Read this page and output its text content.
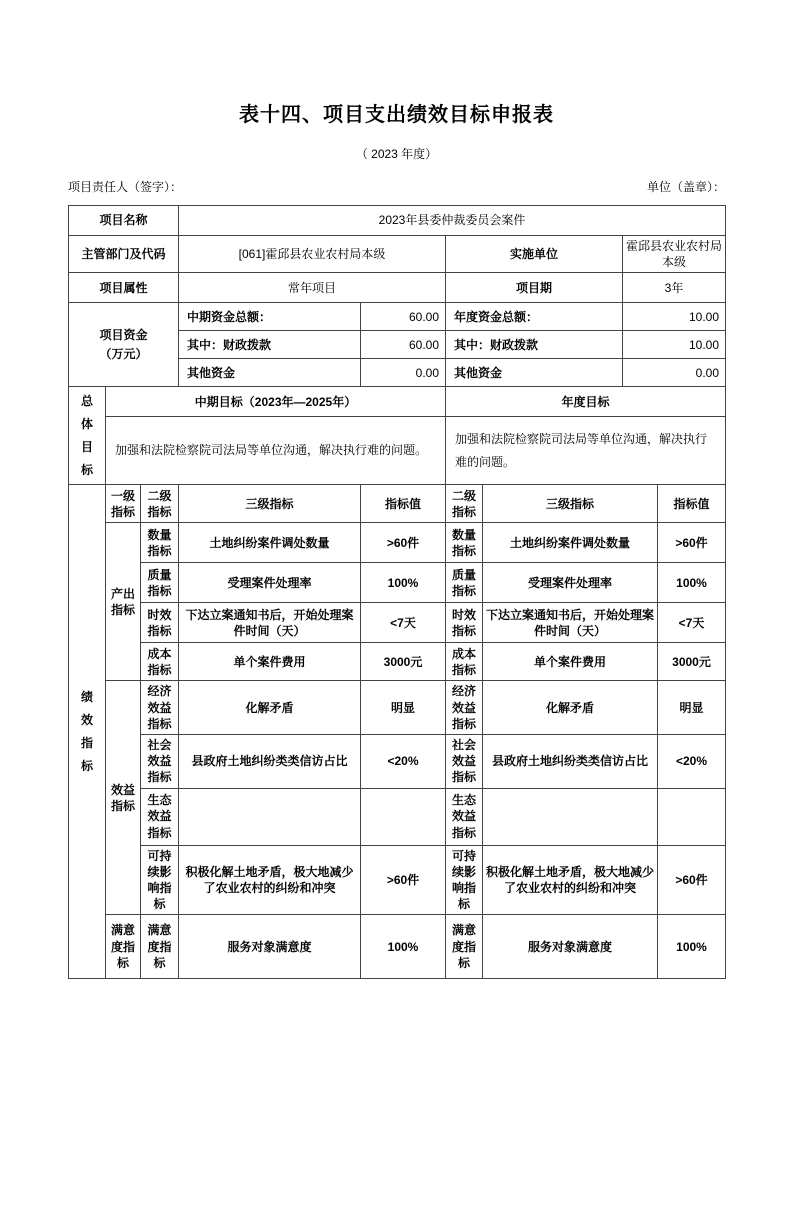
表十四、项目支出绩效目标申报表
（ 2023 年度）
项目责任人（签字）：	单位（盖章）：
项目名称			2023年县委仲裁委员会案件					
主管部门及代码			[061]霍邱县农业农村局本级		实施单位		霍邱县农业农村局本级	
项目属性			常年项目		项目期		3年	

项目资金
（万元）			中期资金总额：	60.00	年度资金总额：		10.00	
			其中：财政拨款	60.00	其中：财政拨款		10.00	
			其他资金	0.00	其他资金		0.00	
总体目标	中期目标（2023年—2025年）				年度目标			
	加强和法院检察院司法局等单位沟通，解决执行难的问题。				加强和法院检察院司法局等单位沟通，解决执行难的问题。			
绩效指标	一级指标	二级指标	三级指标	指标值	二级指标	三级指标		指标值
	产出指标	数量指标	土地纠纷案件调处数量	>60件	数量指标	土地纠纷案件调处数量		>60件
		质量指标	受理案件处理率	100%	质量指标	受理案件处理率		100%
		时效指标	下达立案通知书后，开始处理案件时间（天）	<7天	时效指标	下达立案通知书后，开始处理案件时间（天）		<7天
		成本指标	单个案件费用	3000元	成本指标	单个案件费用		3000元
	效益指标	经济效益指标	化解矛盾	明显	经济效益指标	化解矛盾		明显
		社会效益指标	县政府土地纠纷类类信访占比	<20%	社会效益指标	县政府土地纠纷类类信访占比		<20%
		生态效益指标			生态效益指标			
		可持续影响指标	积极化解土地矛盾，极大地减少了农业农村的纠纷和冲突	>60件	可持续影响指标	积极化解土地矛盾，极大地减少了农业农村的纠纷和冲突		>60件
	满意度指标	满意度指标	服务对象满意度	100%	满意度指标	服务对象满意度		100%
